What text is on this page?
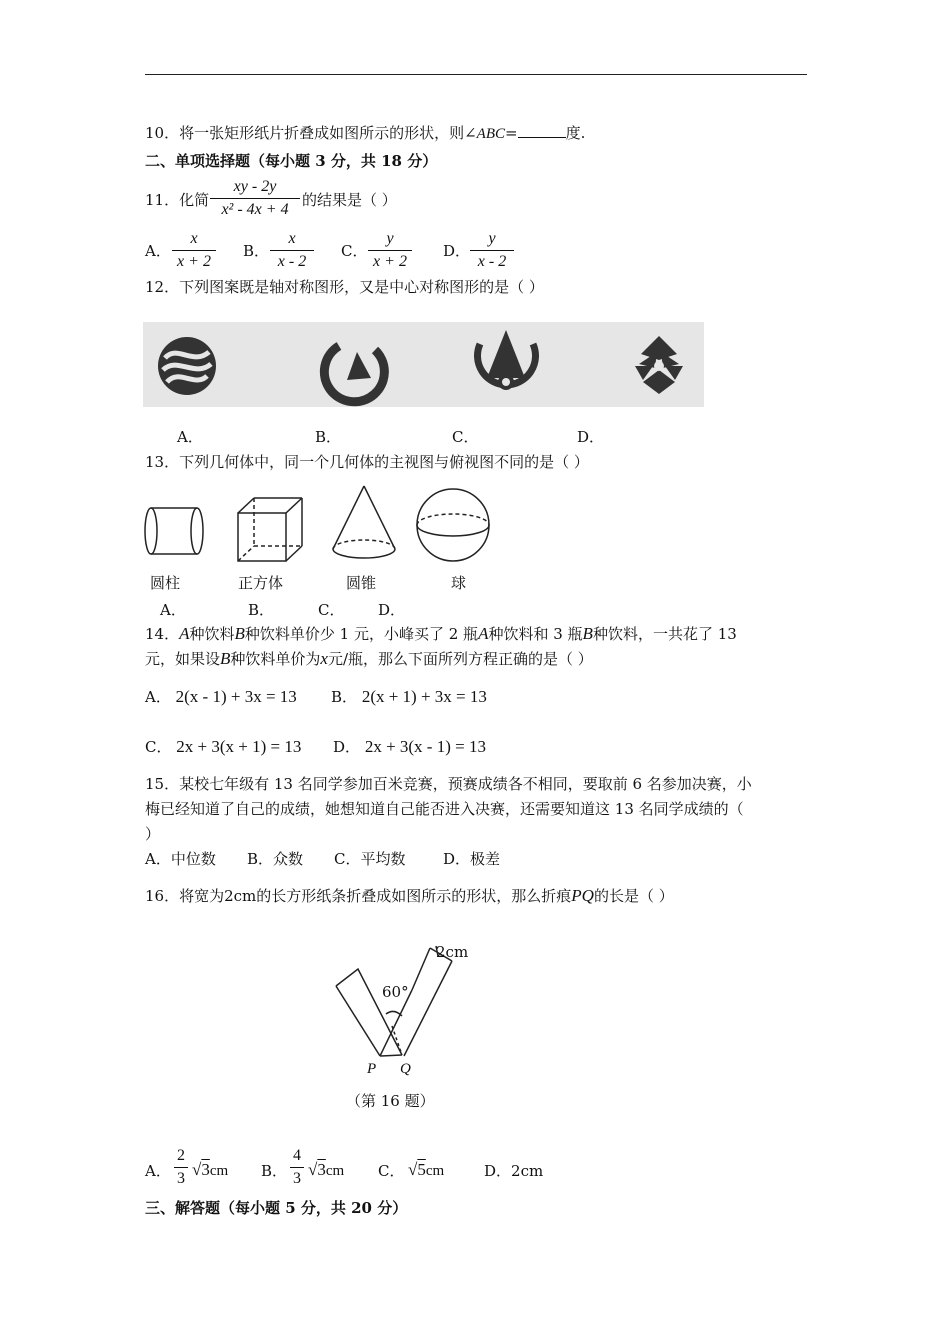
10．将一张矩形纸片折叠成如图所示的形状，则∠ABC=	度.
二、单项选择题（每小题 3 分，共 18 分）
11．化简
xy - 2y
x² - 4x + 4
的结果是（ ）
A．
x
x + 2
B．
x
x - 2
C．
y
x + 2
D．
y
x - 2
12．下列图案既是轴对称图形，又是中心对称图形的是（ ）
A．	B．	C．	D．
13．下列几何体中，同一个几何体的主视图与俯视图不同的是（ ）
圆柱	正方体	圆锥	球
A．	B．	C． D．
14．A种饮料B种饮料单价少 1 元，小峰买了 2 瓶A种饮料和 3 瓶B种饮料，一共花了 13
元，如果设B种饮料单价为x元/瓶，那么下面所列方程正确的是（ ）
A． 2(x - 1) + 3x = 13 B． 2(x + 1) + 3x = 13
C． 2x + 3(x + 1) = 13 D． 2x + 3(x - 1) = 13
15．某校七年级有 13 名同学参加百米竞赛，预赛成绩各不相同，要取前 6 名参加决赛，小
梅已经知道了自己的成绩，她想知道自己能否进入决赛，还需要知道这 13 名同学成绩的（
）
A．中位数 B．众数 C．平均数	D．极差
16．将宽为2cm的长方形纸条折叠成如图所示的形状，那么折痕PQ的长是（ ）
2cm
60°
P Q
（第 16 题）
A．
2
3 √3cm B．
4
3 √3cm C． √5cm	D．2cm
三、解答题（每小题 5 分，共 20 分）
